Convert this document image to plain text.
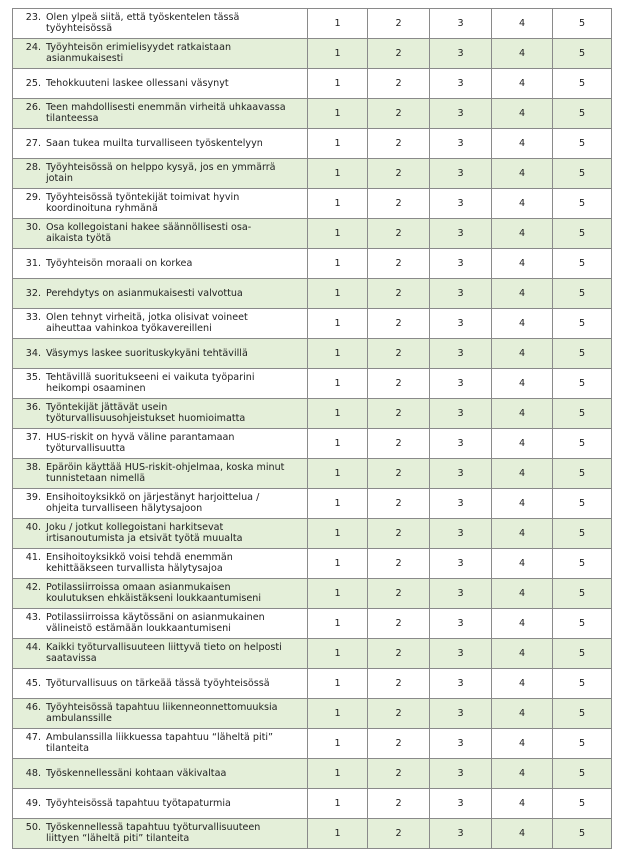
23. Olen ylpeä siitä, että työskentelen tässä työyhteisössä	1	2	3	4	5
24. Työyhteisön erimielisyydet ratkaistaan asianmukaisesti	1	2	3	4	5
25. Tehokkuuteni laskee ollessani väsynyt	1	2	3	4	5
26. Teen mahdollisesti enemmän virheitä uhkaavassa tilanteessa	1	2	3	4	5
27. Saan tukea muilta turvalliseen työskentelyyn	1	2	3	4	5
28. Työyhteisössä on helppo kysyä, jos en ymmärrä jotain	1	2	3	4	5
29. Työyhteisössä työntekijät toimivat hyvin koordinoituna ryhmänä	1	2	3	4	5
30. Osa kollegoistani hakee säännöllisesti osa-aikaista työtä	1	2	3	4	5
31. Työyhteisön moraali on korkea	1	2	3	4	5
32. Perehdytys on asianmukaisesti valvottua	1	2	3	4	5
33. Olen tehnyt virheitä, jotka olisivat voineet aiheuttaa vahinkoa työkavereilleni	1	2	3	4	5
34. Väsymys laskee suorituskykyäni tehtävillä	1	2	3	4	5
35. Tehtävillä suoritukseeni ei vaikuta työparini heikompi osaaminen	1	2	3	4	5
36. Työntekijät jättävät usein työturvallisuusohjeistukset huomioimatta	1	2	3	4	5
37. HUS-riskit on hyvä väline parantamaan työturvallisuutta	1	2	3	4	5
38. Epäröin käyttää HUS-riskit-ohjelmaa, koska minut tunnistetaan nimellä	1	2	3	4	5
39. Ensihoitoyksikkö on järjestänyt harjoittelua / ohjeita turvalliseen hälytysajoon	1	2	3	4	5
40. Joku / jotkut kollegoistani harkitsevat irtisanoutumista ja etsivät työtä muualta	1	2	3	4	5
41. Ensihoitoyksikkö voisi tehdä enemmän kehittääkseen turvallista hälytysajoa	1	2	3	4	5
42. Potilassiirroissa omaan asianmukaisen koulutuksen ehkäistäkseni loukkaantumiseni	1	2	3	4	5
43. Potilassiirroissa käytössäni on asianmukainen välineistö estämään loukkaantumiseni	1	2	3	4	5
44. Kaikki työturvallisuuteen liittyvä tieto on helposti saatavissa	1	2	3	4	5
45. Työturvallisuus on tärkeää tässä työyhteisössä	1	2	3	4	5
46. Työyhteisössä tapahtuu liikenneonnettomuuksia ambulanssille	1	2	3	4	5
47. Ambulanssilla liikkuessa tapahtuu “läheltä piti” tilanteita	1	2	3	4	5
48. Työskennellessäni kohtaan väkivaltaa	1	2	3	4	5
49. Työyhteisössä tapahtuu työtapaturmia	1	2	3	4	5
50. Työskennellessä tapahtuu työturvallisuuteen liittyen “läheltä piti” tilanteita	1	2	3	4	5
